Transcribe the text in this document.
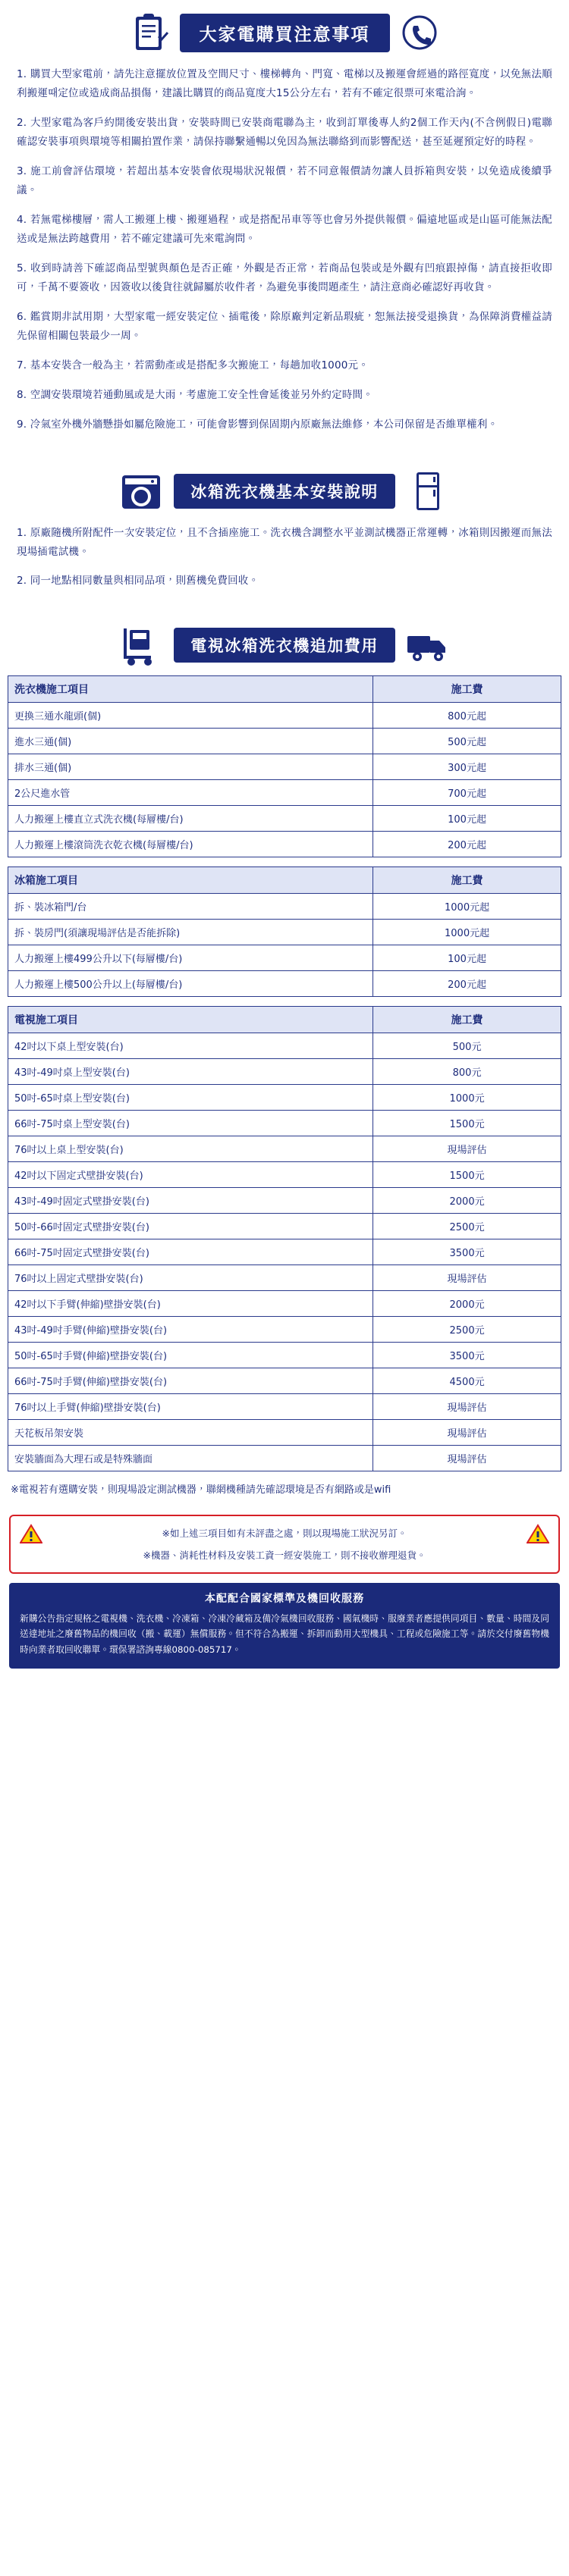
大家電購買注意事項

1. 購買大型家電前，請先注意擺放位置及空間尺寸、樓梯轉角、門寬、電梯以及搬運會經過的路徑寬度，以免無法順利搬運때定位或造成商品損傷，建議比購買的商品寬度大15公分左右，若有不確定很票可來電洽詢。

2. 大型家電為客戶約開後安裝出貨，安裝時間已安裝商電聯為主，收到訂單後專人約2個工作天內(不含例假日)電聯確認安裝事項與環境等相關拍置作業，請保持聯繫通暢以免因為無法聯絡到而影響配送，甚至延遲預定好的時程。

3. 施工前會評估環境，若超出基本安裝會依現場狀況報價，若不同意報價請勿讓人員拆箱與安裝，以免造成後續爭議。

4. 若無電梯樓層，需人工搬運上樓、搬運過程，或是搭配吊車等等也會另外提供報價。偏遠地區或是山區可能無法配送或是無法跨越費用，若不確定建議可先來電詢問。

5. 收到時請善下確認商品型號與顏色是否正確，外觀是否正常，若商品包裝或是外觀有凹痕跟掉傷，請直接拒收即可，千萬不要簽收，因簽收以後貨往就歸屬於收件者，為避免事後問題產生，請注意商必確認好再收貨。

6. 鑑賞期非試用期，大型家電一經安裝定位、插電後，除原廠判定新品瑕疵，恕無法接受退換貨，為保障消費權益請先保留相關包裝最少一周。

7. 基本安裝含一般為主，若需動產或是搭配多次搬施工，每趟加收1000元。

8. 空調安裝環境若通動風或是大雨，考慮施工安全性會延後並另外約定時間。

9. 冷氣室外機外牆懸掛如屬危險施工，可能會影響到保固期內原廠無法維修，本公司保留是否維單權利。

冰箱洗衣機基本安裝說明

1. 原廠隨機所附配件一次安裝定位，且不含插座施工。洗衣機含調整水平並測試機器正常運轉，冰箱則因搬運而無法現場插電試機。

2. 同一地點相同數量與相同品項，則舊機免費回收。

電視冰箱洗衣機追加費用
洗衣機施工項目	施工費
更換三通水龍頭(個)	800元起
進水三通(個)	500元起
排水三通(個)	300元起
2公尺進水管	700元起
人力搬運上樓直立式洗衣機(每層樓/台)	100元起
人力搬運上樓滾筒洗衣乾衣機(每層樓/台)	200元起
冰箱施工項目	施工費
拆、裝冰箱門/台	1000元起
拆、裝房門(須讓現場評估是否能拆除)	1000元起
人力搬運上樓499公升以下(每層樓/台)	100元起
人力搬運上樓500公升以上(每層樓/台)	200元起
電視施工項目	施工費
42吋以下桌上型安裝(台)	500元
43吋-49吋桌上型安裝(台)	800元
50吋-65吋桌上型安裝(台)	1000元
66吋-75吋桌上型安裝(台)	1500元
76吋以上桌上型安裝(台)	現場評估
42吋以下固定式壁掛安裝(台)	1500元
43吋-49吋固定式壁掛安裝(台)	2000元
50吋-66吋固定式壁掛安裝(台)	2500元
66吋-75吋固定式壁掛安裝(台)	3500元
76吋以上固定式壁掛安裝(台)	現場評估
42吋以下手臂(伸縮)壁掛安裝(台)	2000元
43吋-49吋手臂(伸縮)壁掛安裝(台)	2500元
50吋-65吋手臂(伸縮)壁掛安裝(台)	3500元
66吋-75吋手臂(伸縮)壁掛安裝(台)	4500元
76吋以上手臂(伸縮)壁掛安裝(台)	現場評估
天花板吊架安裝	現場評估
安裝牆面為大理石或是特殊牆面	現場評估
※電視若有選購安裝，則現場設定測試機器，聯網機種請先確認環境是否有網路或是wifi
※如上述三項目如有未評盡之處，則以現場施工狀況另訂。
※機器、消耗性材料及安裝工資一經安裝施工，則不接收辦理退貨。
本配配合國家標準及機回收服務
新購公告指定規格之電視機、洗衣機、冷凍箱、冷凍冷藏箱及備冷氣機回收服務、國氣機時、服廢業者應提供同項目、數量、時間及同送達地址之廢舊物品的機回收（搬、載運）無償服務。但不符合為搬運、拆卸而動用大型機具、工程或危險施工等。請於交付廢舊物機時向業者取回收聯單。環保署諮詢專線0800-085717。
